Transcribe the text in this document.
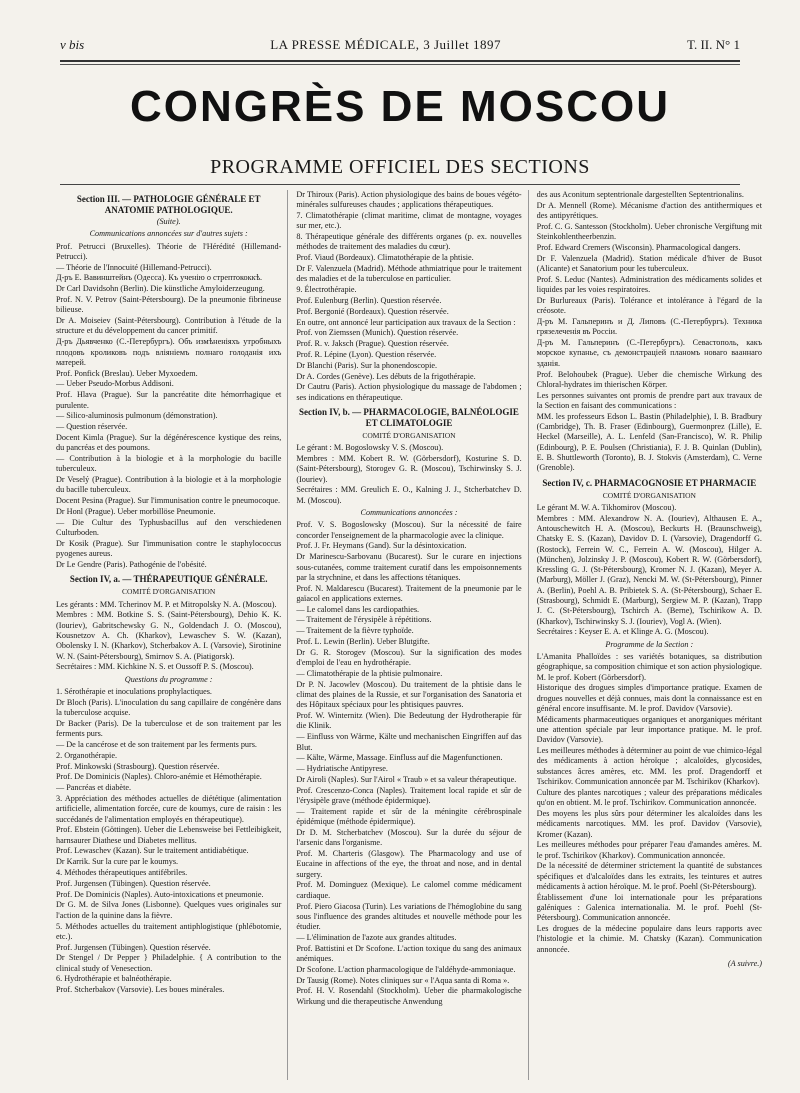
v bis	LA PRESSE MÉDICALE, 3 Juillet 1897	T. II. N° 1
CONGRÈS DE MOSCOU
PROGRAMME OFFICIEL DES SECTIONS
Section III. — PATHOLOGIE GÉNÉRALE ET ANATOMIE PATHOLOGIQUE.
(Suite).
Communications annoncées sur d'autres sujets :

Prof. Petrucci (Bruxelles). Théorie de l'Hérédité (Hillemand-Petrucci).

— Théorie de l'Innocuité (Hillemand-Petrucci).

Д-ръ Е. Вавинштейнъ (Одесса). Къ ученію о стрептококкѣ.

Dr Carl Davidsohn (Berlin). Die künstliche Amyloiderzeugung.

Prof. N. V. Petrov (Saint-Pétersbourg). De la pneumonie fibrineuse bilieuse.

Dr A. Moiseiev (Saint-Pétersbourg). Contribution à l'étude de la structure et du développement du cancer primitif.

Д-ръ Дьявченко (С.-Петербургъ). Объ измѣненіяхъ утробныхъ плодовъ кроликовъ подъ вліяніемъ полнаго голоданія ихъ матерей.

Prof. Ponfick (Breslau). Ueber Myxoedem.

— Ueber Pseudo-Morbus Addisoni.

Prof. Hlava (Prague). Sur la pancréatite dite hémorrhagique et purulente.

— Silico-aluminosis pulmonum (démonstration).

— Question réservée.

Docent Kimla (Prague). Sur la dégénérescence kystique des reins, du pancréas et des poumons.

— Contribution à la biologie et à la morphologie du bacille tuberculeux.

Dr Veselý (Prague). Contribution à la biologie et à la morphologie du bacille tuberculeux.

Docent Pesina (Prague). Sur l'immunisation contre le pneumocoque.

Dr Honl (Prague). Ueber morbillöse Pneumonie.

— Die Cultur des Typhusbacillus auf den verschiedenen Culturboden.

Dr Kosik (Prague). Sur l'immunisation contre le staphylococcus pyogenes aureus.

Dr Le Gendre (Paris). Pathogénie de l'obésité.

Section IV, a. — THÉRAPEUTIQUE GÉNÉRALE.
COMITÉ D'ORGANISATION

Les gérants : MM. Tcherinov M. P. et Mitropolsky N. A. (Moscou).

Membres : MM. Botkine S. S. (Saint-Pétersbourg), Dehio K. K. (Iouriev), Gabritschewsky G. N., Goldendach J. O. (Moscou), Kousnetzov A. Ch. (Kharkov), Lewaschev S. W. (Kazan), Obolensky I. N. (Kharkov), Stcherbakov A. I. (Varsovie), Sirotinine W. N. (Saint-Pétersbourg), Smirnov S. A. (Piatigorsk).

Secrétaires : MM. Kichkine N. S. et Oussoff P. S. (Moscou).

Questions du programme :

1. Sérothérapie et inoculations prophylactiques.

Dr Bloch (Paris). L'inoculation du sang capillaire de congénère dans la tuberculose acquise.

Dr Backer (Paris). De la tuberculose et de son traitement par les ferments purs.

— De la cancérose et de son traitement par les ferments purs.

2. Organothérapie.

Prof. Minkowski (Strasbourg). Question réservée.

Prof. De Dominicis (Naples). Chloro-anémie et Hémothérapie.

— Pancréas et diabète.

3. Appréciation des méthodes actuelles de diététique (alimentation artificielle, alimentation forcée, cure de koumys, cure de raisin : les succédanés de l'alimentation employés en thérapeutique).

Prof. Ebstein (Göttingen). Ueber die Lebensweise bei Fettleibigkeit, harnsaurer Diathese und Diabetes mellitus.

Prof. Lewaschev (Kazan). Sur le traitement antidiabétique.

Dr Karrik. Sur la cure par le koumys.

4. Méthodes thérapeutiques antifébriles.

Prof. Jurgensen (Tübingen). Question réservée.

Prof. De Dominicis (Naples). Auto-intoxications et pneumonie.

Dr G. M. de Silva Jones (Lisbonne). Quelques vues originales sur l'action de la quinine dans la fièvre.

5. Méthodes actuelles du traitement antiphlogistique (phlébotomie, etc.).

Prof. Jurgensen (Tübingen). Question réservée.

Dr Stengel / Dr Pepper } Philadelphie. { A contribution to the clinical study of Venesection.

6. Hydrothérapie et balnéothérapie.

Prof. Stcherbakov (Varsovie). Les boues minérales.

Dr Thiroux (Paris). Action physiologique des bains de boues végéto-minérales sulfureuses chaudes ; applications thérapeutiques.

7. Climatothérapie (climat maritime, climat de montagne, voyages sur mer, etc.).

8. Thérapeutique générale des différents organes (p. ex. nouvelles méthodes de traitement des maladies du cœur).

Prof. Viaud (Bordeaux). Climatothérapie de la phtisie.

Dr F. Valenzuela (Madrid). Méthode athmiatrique pour le traitement des maladies et de la tuberculose en particulier.

9. Électrothérapie.

Prof. Eulenburg (Berlin). Question réservée.

Prof. Bergonié (Bordeaux). Question réservée.

En outre, ont annoncé leur participation aux travaux de la Section :

Prof. von Ziemssen (Munich). Question réservée.

Prof. R. v. Jaksch (Prague). Question réservée.

Prof. R. Lépine (Lyon). Question réservée.

Dr Blanchi (Paris). Sur la phonendoscopie.

Dr A. Cordes (Genève). Les débuts de la frigothérapie.

Dr Cautru (Paris). Action physiologique du massage de l'abdomen ; ses indications en thérapeutique.

Section IV, b. — PHARMACOLOGIE, BALNÉOLOGIE ET CLIMATOLOGIE
COMITÉ D'ORGANISATION

Le gérant : M. Bogoslowsky V. S. (Moscou).

Membres : MM. Kobert R. W. (Görbersdorf), Kosturine S. D. (Saint-Pétersbourg), Storogev G. R. (Moscou), Tschirwinsky S. J. (Iouriev).

Secrétaires : MM. Greulich E. O., Kalning J. J., Stcherbatchev D. M. (Moscou).

Communications annoncées :

Prof. V. S. Bogoslowsky (Moscou). Sur la nécessité de faire concorder l'enseignement de la pharmacologie avec la clinique.

Prof. J. Fr. Heymans (Gand). Sur la désintoxication.

Dr Marinescu-Sarbovanu (Bucarest). Sur le curare en injections sous-cutanées, comme traitement curatif dans les empoisonnements par la strychnine, et dans les affections tétaniques.

Prof. N. Maldarescu (Bucarest). Traitement de la pneumonie par le gaïacol en applications externes.

— Le calomel dans les cardiopathies.

— Traitement de l'érysipèle à répétitions.

— Traitement de la fièvre typhoïde.

Prof. L. Lewin (Berlin). Ueber Blutgifte.

Dr G. R. Storogev (Moscou). Sur la signification des modes d'emploi de l'eau en hydrothérapie.

— Climatothérapie de la phtisie pulmonaire.

Dr P. N. Jacowlev (Moscou). Du traitement de la phtisie dans le climat des plaines de la Russie, et sur l'organisation des Sanatoria et des Hôpitaux spéciaux pour les phtisiques pauvres.

Prof. W. Winternitz (Wien). Die Bedeutung der Hydrotherapie für die Klinik.

— Einfluss von Wärme, Kälte und mechanischen Eingriffen auf das Blut.

— Kälte, Wärme, Massage. Einfluss auf die Magenfunctionen.

— Hydriatische Antipyrese.

Dr Airoli (Naples). Sur l'Airol « Traub » et sa valeur thérapeutique.

Prof. Crescenzo-Conca (Naples). Traitement local rapide et sûr de l'érysipèle grave (méthode épidermique).

— Traitement rapide et sûr de la méningite cérébrospinale épidémique (méthode épidermique).

Dr D. M. Stcherbatchev (Moscou). Sur la durée du séjour de l'arsenic dans l'organisme.

Prof. M. Charteris (Glasgow). The Pharmacology and use of Eucaine in affections of the eye, the throat and nose, and in dental surgery.

Prof. M. Dominguez (Mexique). Le calomel comme médicament cardiaque.

Prof. Piero Giacosa (Turin). Les variations de l'hémoglobine du sang sous l'influence des grandes altitudes et nouvelle méthode pour les étudier.

— L'élimination de l'azote aux grandes altitudes.

Prof. Battistini et Dr Scofone. L'action toxique du sang des animaux anémiques.

Dr Scofone. L'action pharmacologique de l'aldéhyde-ammoniaque.

Dr Tausig (Rome). Notes cliniques sur « l'Aqua santa di Roma ».

Prof. H. V. Rosendahl (Stockholm). Ueber die pharmakologische Wirkung und die therapeutische Anwendung

des aus Aconitum septentrionale dargestellten Septentrionalins.

Dr A. Mennell (Rome). Mécanisme d'action des antithermiques et des antipyrétiques.

Prof. C. G. Santesson (Stockholm). Ueber chronische Vergiftung mit Steinkohlentheerbenzin.

Prof. Edward Cremers (Wisconsin). Pharmacological dangers.

Dr F. Valenzuela (Madrid). Station médicale d'hiver de Busot (Alicante) et Sanatorium pour les tuberculeux.

Prof. S. Leduc (Nantes). Administration des médicaments solides et liquides par les voies respiratoires.

Dr Burlureaux (Paris). Tolérance et intolérance à l'égard de la créosote.

Д-ръ М. Гальперинъ и Д. Липовъ (С.-Петербургъ). Техника грязелеченія въ Россіи.

Д-ръ М. Гальперинъ (С.-Петербургъ). Севастополь, какъ морское купанье, съ демонстраціей планомъ новаго вааннаго зданія.

Prof. Belohoubek (Prague). Ueber die chemische Wirkung des Chloral-hydrates im thierischen Körper.

Les personnes suivantes ont promis de prendre part aux travaux de la Section en faisant des communications :

MM. les professeurs Edson L. Bastin (Philadelphie), I. B. Bradbury (Cambridge), Th. B. Fraser (Edinbourg), Guermonprez (Lille), E. Heckel (Marseille), A. L. Lenfeld (San-Francisco), W. R. Philip (Edinbourg), P. E. Poulsen (Christiania), F. J. B. Quinlan (Dublin), E. B. Shuttleworth (Toronto), B. J. Stokvis (Amsterdam), C. Verne (Grenoble).

Section IV, c. PHARMACOGNOSIE ET PHARMACIE
COMITÉ D'ORGANISATION

Le gérant M. W. A. Tikhomirov (Moscou).

Membres : MM. Alexandrow N. A. (Iouriev), Althausen E. A., Antouschewitch H. A. (Moscou), Beckurts H. (Braunschweig), Chatsky E. S. (Kazan), Davidov D. I. (Varsovie), Dragendorff G. (Rostock), Ferrein W. C., Ferrein A. W. (Moscou), Hilger A. (München), Jolzinsky J. P. (Moscou), Kobert R. W. (Görbersdorf), Kressling G. J. (St-Pétersbourg), Kromer N. J. (Kazan), Meyer A. (Marburg), Möller J. (Graz), Nencki M. W. (St-Pétersbourg), Pinner A. (Berlin), Poehl A. B. Pribietek S. A. (St-Pétersbourg), Schaer E. (Strasbourg), Schmidt E. (Marburg), Sergiew M. P. (Kazan), Trapp J. C. (St-Pétersbourg), Tschirch A. (Berne), Tschirikow A. D. (Kharkov), Tschirwinsky S. J. (Iouriev), Vogl A. (Wien).

Secrétaires : Keyser E. A. et Klinge A. G. (Moscou).

Programme de la Section :

L'Amanita Phalloïdes : ses variétés botaniques, sa distribution géographique, sa composition chimique et son action physiologique. M. le prof. Kobert (Görbersdorf).

Historique des drogues simples d'importance pratique. Examen de drogues nouvelles et déjà connues, mais dont la connaissance est en général encore insuffisante. M. le prof. Davidov (Varsovie).

Médicaments pharmaceutiques organiques et anorganiques méritant une attention spéciale par leur importance pratique. M. le prof. Davidov (Varsovie).

Les meilleures méthodes à déterminer au point de vue chimico-légal des médicaments à action héroïque ; alcaloïdes, glycosides, substances âcres amères, etc. MM. les prof. Dragendorff et Tschirikov. Communication annoncée par M. Tschirikov (Kharkov).

Culture des plantes narcotiques ; valeur des préparations médicales qu'on en obtient. M. le prof. Tschirikov. Communication annoncée.

Des moyens les plus sûrs pour déterminer les alcaloïdes dans les médicaments narcotiques. MM. les prof. Davidov (Varsovie), Kromer (Kazan).

Les meilleures méthodes pour préparer l'eau d'amandes amères. M. le prof. Tschirikov (Kharkov). Communication annoncée.

De la nécessité de déterminer strictement la quantité de substances spécifiques et d'alcaloïdes dans les extraits, les teintures et autres médicaments à action héroïque. M. le prof. Poehl (St-Pétersbourg).

Établissement d'une loi internationale pour les préparations galéniques : Galenica internationalia. M. le prof. Poehl (St-Pétersbourg). Communication annoncée.

Les drogues de la médecine populaire dans leurs rapports avec l'histologie et la chimie. M. Chatsky (Kazan). Communication annoncée.

(A suivre.)
